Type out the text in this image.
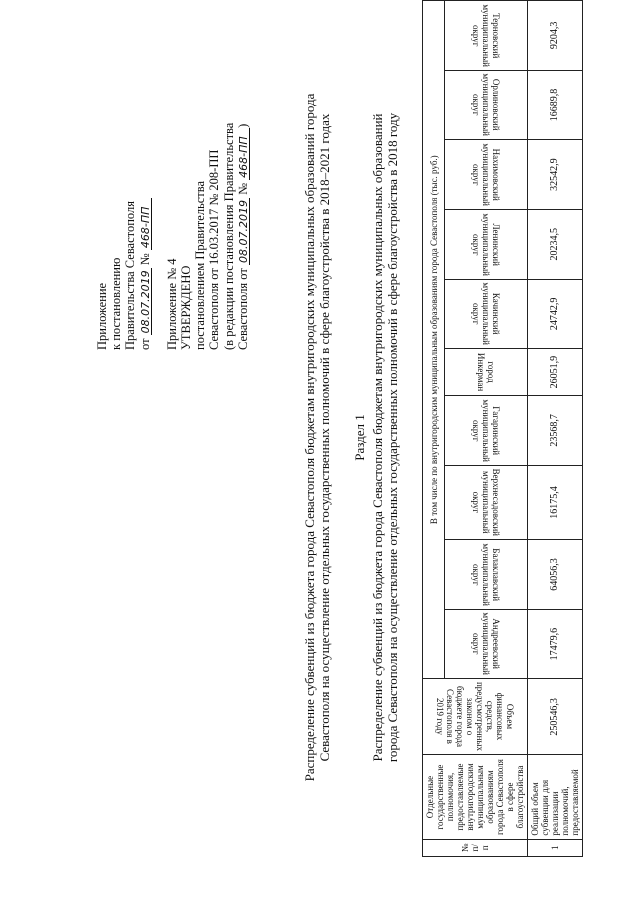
Приложение к постановлению Правительства Севастополя от 08.07.2019 № 468-ПП

Приложение № 4 УТВЕРЖДЕНО постановлением Правительства Севастополя от 16.03.2017 № 208-ПП (в редакции постановления Правительства Севастополя от 08.07.2019 № 468-ПП)	Распределение субвенций из бюджета города Севастополя бюджетам внутригородских муниципальных образований города Севастополя на осуществление отдельных государственных полномочий в сфере благоустройства в 2018–2021 годах Раздел 1 Распределение субвенций из бюджета города Севастополя бюджетам внутригородских муниципальных образований города Севастополя на осуществление отдельных государственных полномочий в сфере благоустройства в 2018 году

№ п/п	Отдельные государственные полномочия, предоставляемые внутригородским муниципальным образованиям города Севастополя в сфере благоустройства	Объем финансовых средств, предусмотренных законом о бюджете города Севастополя в 2019 году	В том числе по внутригородским муниципальным образованиям города Севастополя (тыс. руб.)									
			Андреевский муниципальный округ	Балаклавский муниципальный округ	Верхнесадовский муниципальный округ	Гагаринский муниципальный округ	город Инкерман	Качинский муниципальный округ	Ленинский муниципальный округ	Нахимовский муниципальный округ	Орлиновский муниципальный округ	Терновский муниципальный округ
1	Общий объем субвенции для реализации полномочий, предоставляемой	250546,3	17479,6	64056,3	16175,4	23568,7	26051,9	24742,9	20234,5	32542,9	16689,8	9204,3
